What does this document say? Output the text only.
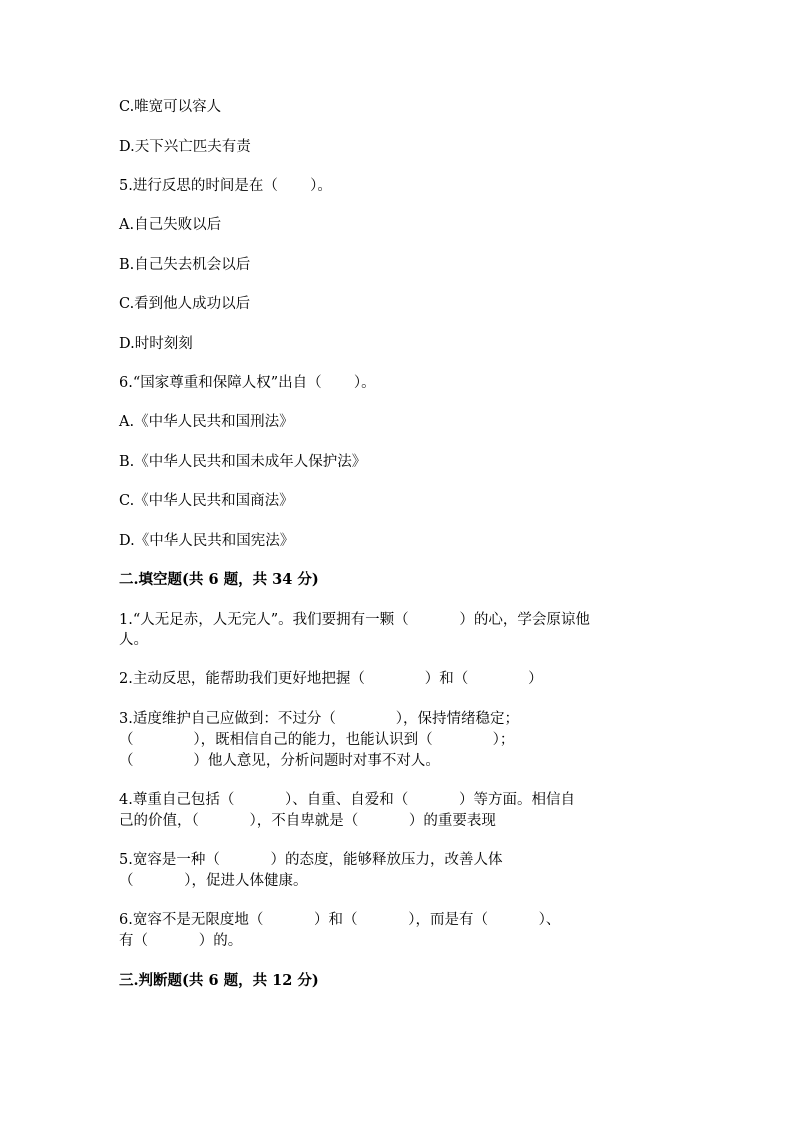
C.唯宽可以容人
D.天下兴亡匹夫有责
5.进行反思的时间是在（       ）。
A.自己失败以后
B.自己失去机会以后
C.看到他人成功以后
D.时时刻刻
6.“国家尊重和保障人权”出自（       ）。
A.《中华人民共和国刑法》
B.《中华人民共和国未成年人保护法》
C.《中华人民共和国商法》
D.《中华人民共和国宪法》
二.填空题(共 6 题，共 34 分)
1.“人无足赤，人无完人”。我们要拥有一颗（           ）的心，学会原谅他
人。
2.主动反思，能帮助我们更好地把握（             ）和（             ）
3.适度维护自己应做到：不过分（             ），保持情绪稳定；
（             ），既相信自己的能力，也能认识到（             ）；
（             ）他人意见，分析问题时对事不对人。
4.尊重自己包括（           ）、自重、自爱和（           ）等方面。相信自
己的价值，（           ），不自卑就是（           ）的重要表现
5.宽容是一种（           ）的态度，能够释放压力，改善人体
（           ），促进人体健康。
6.宽容不是无限度地（           ）和（           ），而是有（           ）、
有（           ）的。
三.判断题(共 6 题，共 12 分)
